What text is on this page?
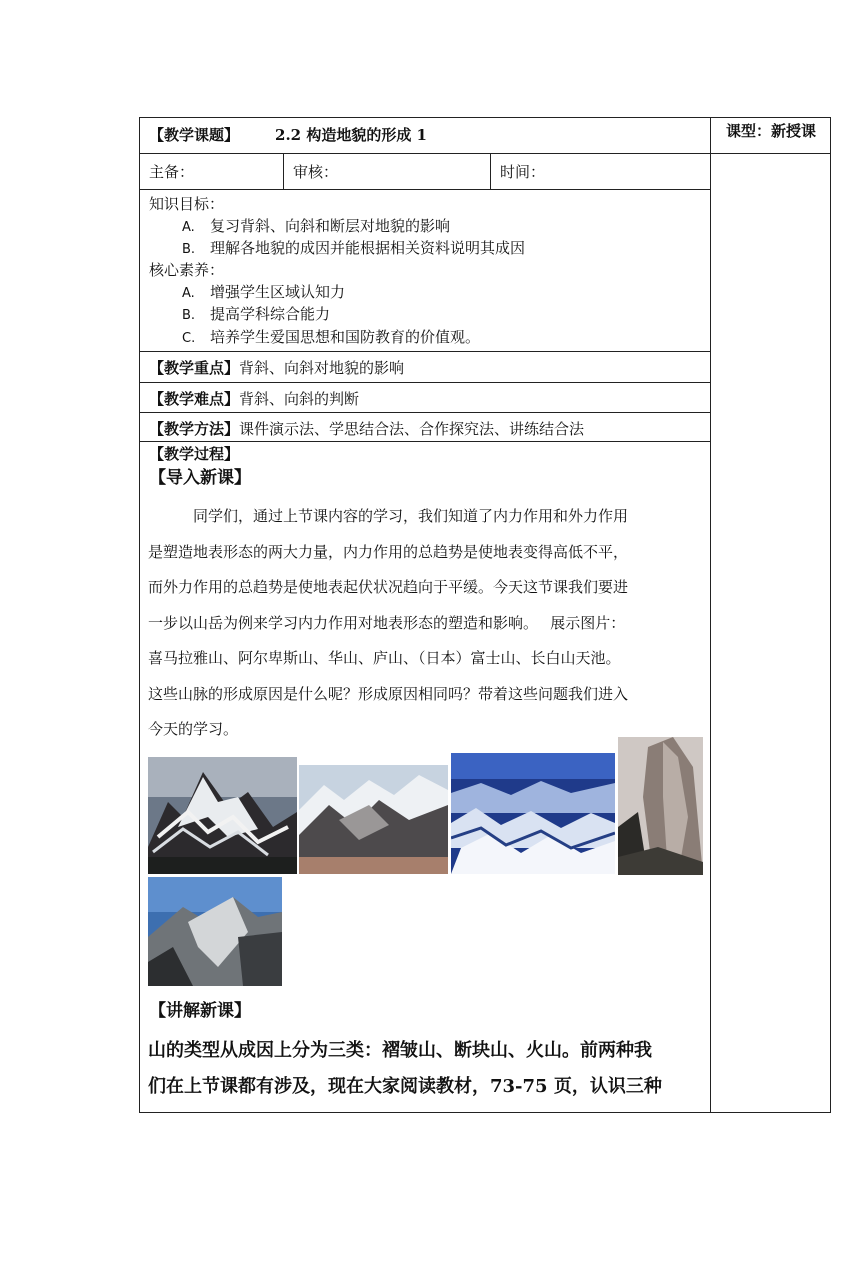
【教学课题】 2.2 构造地貌的形成 1	课型：新授课
主备：	审核：	时间：
知识目标：
A. 复习背斜、向斜和断层对地貌的影响
B. 理解各地貌的成因并能根据相关资料说明其成因
核心素养：
A. 增强学生区域认知力
B. 提高学科综合能力
C. 培养学生爱国思想和国防教育的价值观。
【教学重点】背斜、向斜对地貌的影响
【教学难点】背斜、向斜的判断
【教学方法】课件演示法、学思结合法、合作探究法、讲练结合法
【教学过程】
【导入新课】
　　　同学们，通过上节课内容的学习，我们知道了内力作用和外力作用
是塑造地表形态的两大力量，内力作用的总趋势是使地表变得高低不平，
而外力作用的总趋势是使地表起伏状况趋向于平缓。今天这节课我们要进
一步以山岳为例来学习内力作用对地表形态的塑造和影响。　 展示图片：
喜马拉雅山、阿尔卑斯山、华山、庐山、（日本）富士山、长白山天池。
这些山脉的形成原因是什么呢？形成原因相同吗？带着这些问题我们进入
今天的学习。
【讲解新课】
山的类型从成因上分为三类：褶皱山、断块山、火山。前两种我
们在上节课都有涉及，现在大家阅读教材，73-75 页，认识三种
